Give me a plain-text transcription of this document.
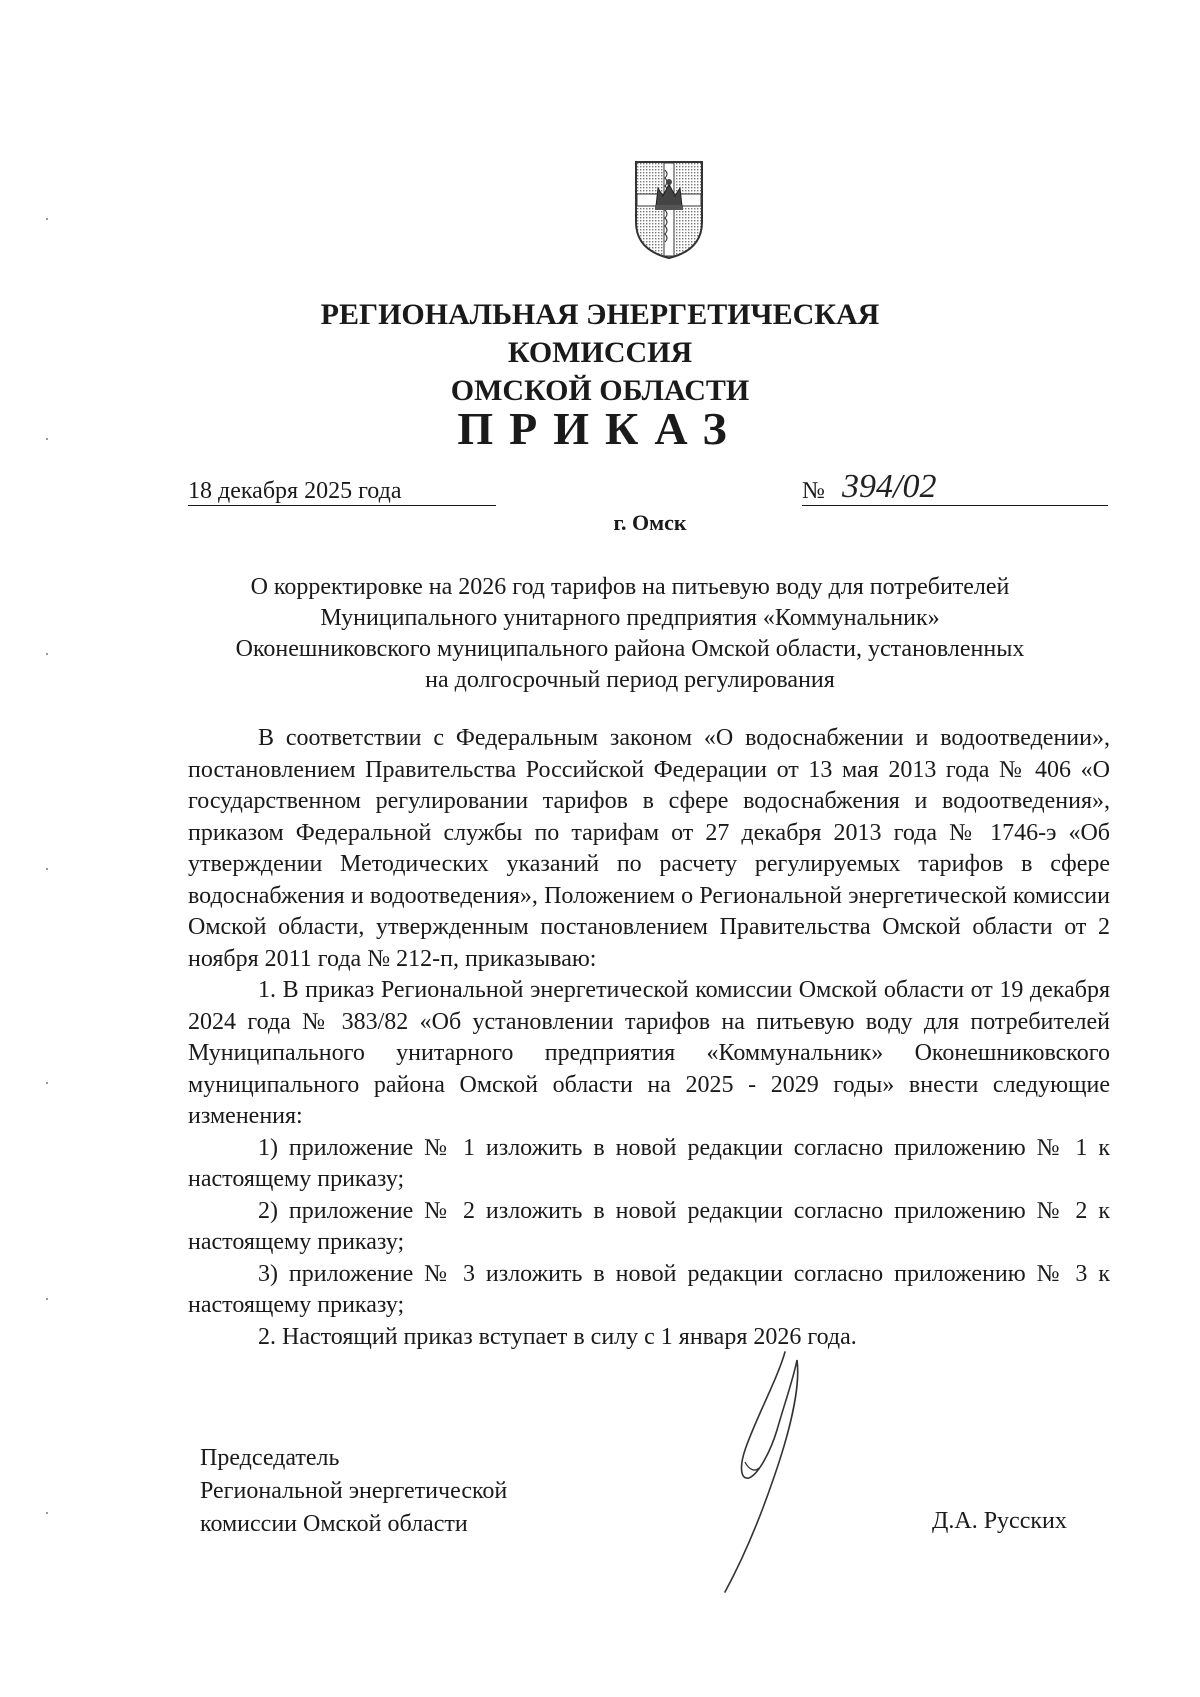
РЕГИОНАЛЬНАЯ ЭНЕРГЕТИЧЕСКАЯ КОМИССИЯ
ОМСКОЙ ОБЛАСТИ
ПРИКАЗ
18 декабря 2025 года	№ 394/02
г. Омск
О корректировке на 2026 год тарифов на питьевую воду для потребителей Муниципального унитарного предприятия «Коммунальник» Оконешниковского муниципального района Омской области, установленных на долгосрочный период регулирования

В соответствии с Федеральным законом «О водоснабжении и водоотведении», постановлением Правительства Российской Федерации от 13 мая 2013 года № 406 «О государственном регулировании тарифов в сфере водоснабжения и водоотведения», приказом Федеральной службы по тарифам от 27 декабря 2013 года № 1746-э «Об утверждении Методических указаний по расчету регулируемых тарифов в сфере водоснабжения и водоотведения», Положением о Региональной энергетической комиссии Омской области, утвержденным постановлением Правительства Омской области от 2 ноября 2011 года № 212-п, приказываю:

1. В приказ Региональной энергетической комиссии Омской области от 19 декабря 2024 года № 383/82 «Об установлении тарифов на питьевую воду для потребителей Муниципального унитарного предприятия «Коммунальник» Оконешниковского муниципального района Омской области на 2025 - 2029 годы» внести следующие изменения:

1) приложение № 1 изложить в новой редакции согласно приложению № 1 к настоящему приказу;

2) приложение № 2 изложить в новой редакции согласно приложению № 2 к настоящему приказу;

3) приложение № 3 изложить в новой редакции согласно приложению № 3 к настоящему приказу;

2. Настоящий приказ вступает в силу с 1 января 2026 года.

Председатель
Региональной энергетической
комиссии Омской области	Д.А. Русских
